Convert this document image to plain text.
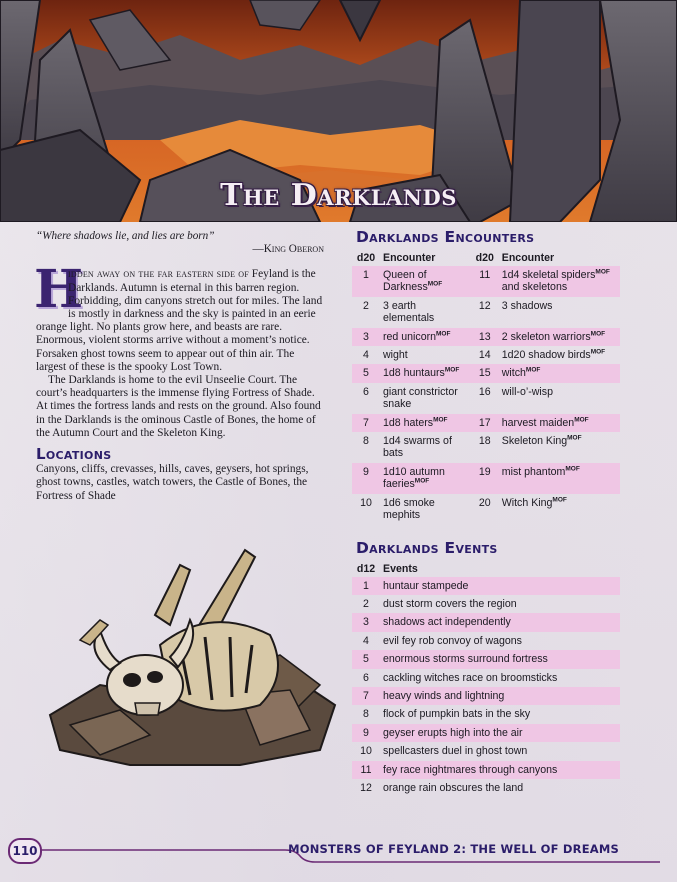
The Darklands

“Where shadows lie, and lies are born”

—King Oberon

H

idden away on the far eastern side of Feyland is the Darklands. Autumn is eternal in this barren region. Forbidding, dim canyons stretch out for miles. The land is mostly in darkness and the sky is painted in an eerie orange light. No plants grow here, and beasts are rare. Enormous, violent storms arrive without a moment’s notice. Forsaken ghost towns seem to appear out of thin air. The largest of these is the spooky Lost Town.

The Darklands is home to the evil Unseelie Court. The court’s headquarters is the immense flying Fortress of Shade. At times the fortress lands and rests on the ground. Also found in the Darklands is the ominous Castle of Bones, the home of the Autumn Court and the Skeleton King.

Locations

Canyons, cliffs, crevasses, hills, caves, geysers, hot springs, ghost towns, castles, watch towers, the Castle of Bones, the Fortress of Shade

Darklands Encounters
d20	Encounter	d20	Encounter
1	Queen of Darkness$^{MOF}$	11	1d4 skeletal spiders$^{MOF}$ and skeletons
2	3 earth elementals	12	3 shadows
3	red unicorn$^{MOF}$	13	2 skeleton warriors$^{MOF}$
4	wight	14	1d20 shadow birds$^{MOF}$
5	1d8 huntaurs$^{MOF}$	15	witch$^{MOF}$
6	giant constrictor snake	16	will-o’-wisp
7	1d8 haters$^{MOF}$	17	harvest maiden$^{MOF}$
8	1d4 swarms of bats	18	Skeleton King$^{MOF}$
9	1d10 autumn faeries$^{MOF}$	19	mist phantom$^{MOF}$
10	1d6 smoke mephits	20	Witch King$^{MOF}$
Darklands Events
d12	Events
1	huntaur stampede
2	dust storm covers the region
3	shadows act independently
4	evil fey rob convoy of wagons
5	enormous storms surround fortress
6	cackling witches race on broomsticks
7	heavy winds and lightning
8	flock of pumpkin bats in the sky
9	geyser erupts high into the air
10	spellcasters duel in ghost town
11	fey race nightmares through canyons
12	orange rain obscures the land
110	MONSTERS OF FEYLAND 2: THE WELL OF DREAMS
